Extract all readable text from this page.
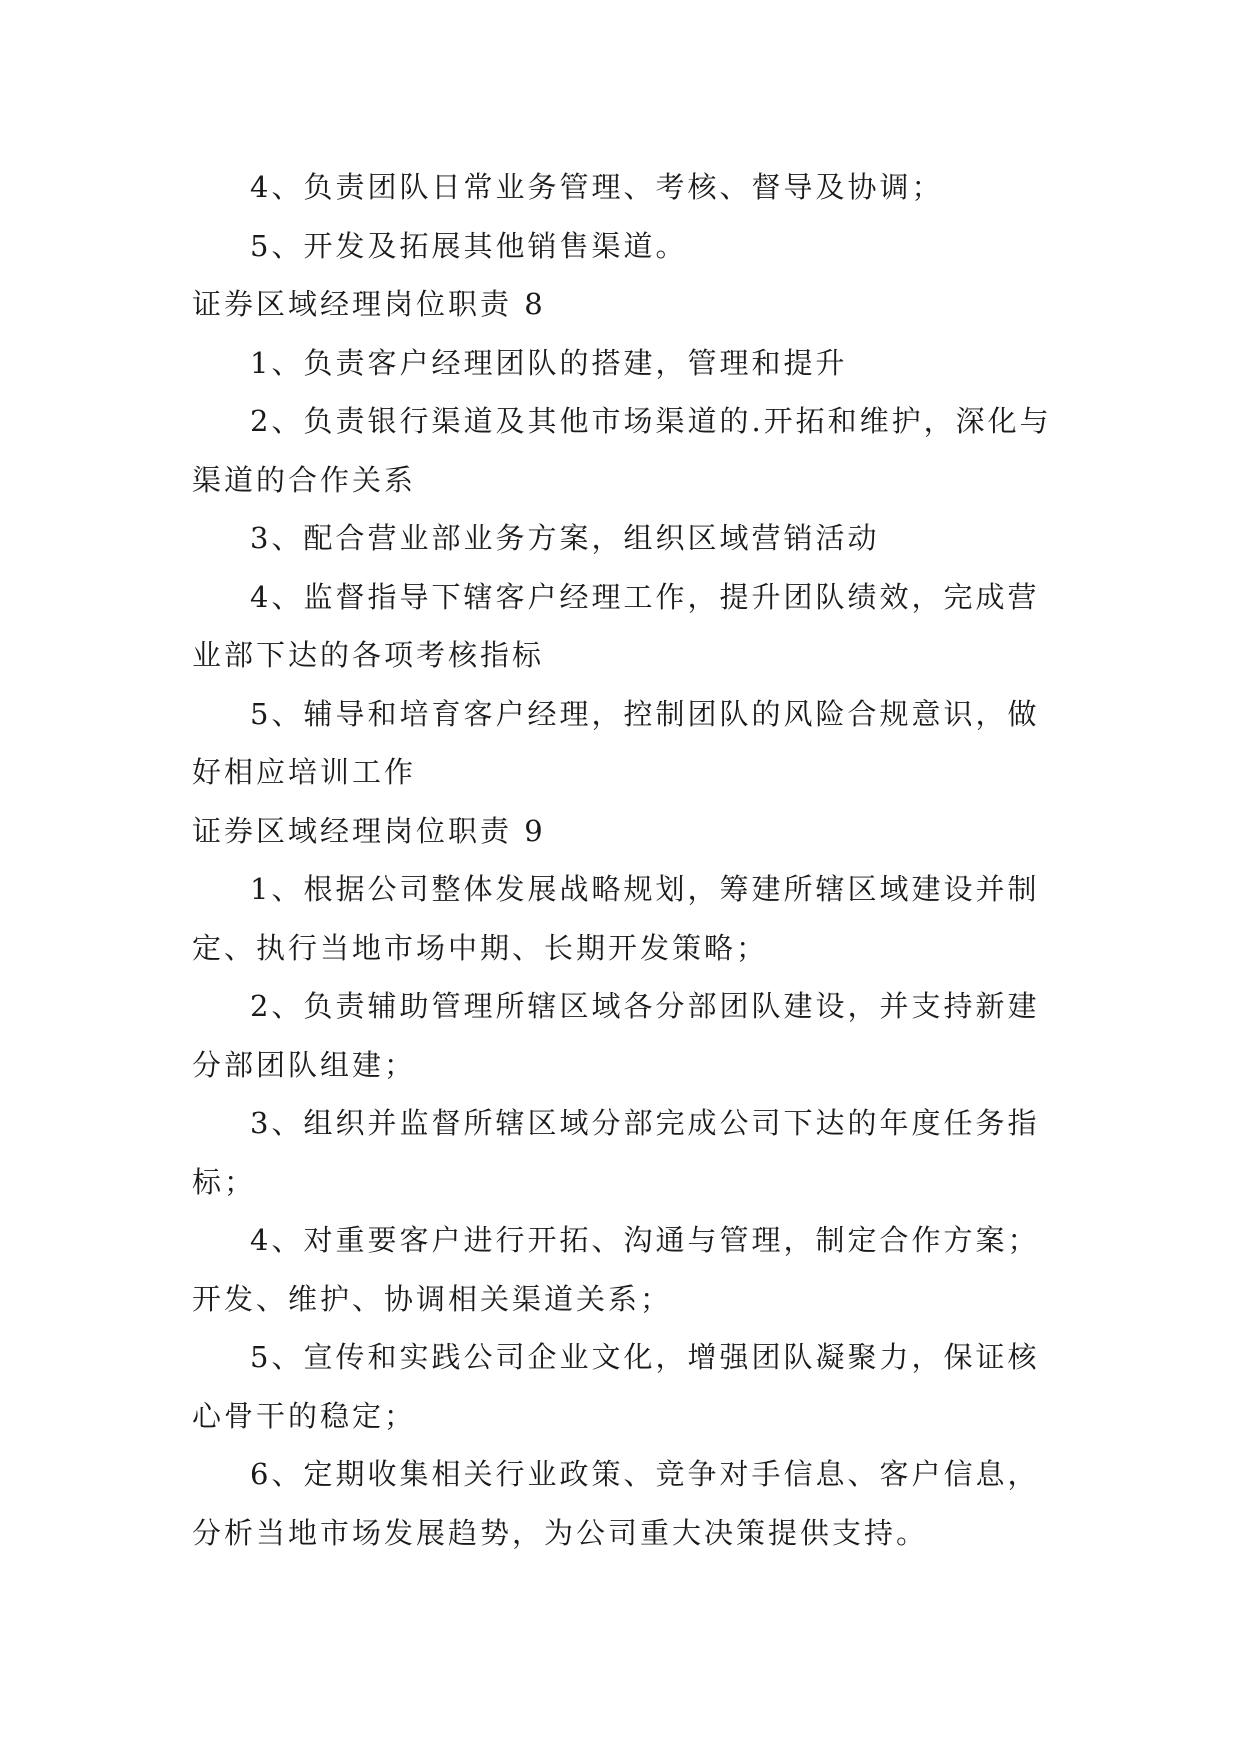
4、负责团队日常业务管理、考核、督导及协调；

5、开发及拓展其他销售渠道。

证券区域经理岗位职责 8

1、负责客户经理团队的搭建，管理和提升

2、负责银行渠道及其他市场渠道的.开拓和维护，深化与渠道的合作关系

3、配合营业部业务方案，组织区域营销活动

4、监督指导下辖客户经理工作，提升团队绩效，完成营业部下达的各项考核指标

5、辅导和培育客户经理，控制团队的风险合规意识，做好相应培训工作

证券区域经理岗位职责 9

1、根据公司整体发展战略规划，筹建所辖区域建设并制定、执行当地市场中期、长期开发策略；

2、负责辅助管理所辖区域各分部团队建设，并支持新建分部团队组建；

3、组织并监督所辖区域分部完成公司下达的年度任务指标；

4、对重要客户进行开拓、沟通与管理，制定合作方案；开发、维护、协调相关渠道关系；

5、宣传和实践公司企业文化，增强团队凝聚力，保证核心骨干的稳定；

6、定期收集相关行业政策、竞争对手信息、客户信息，分析当地市场发展趋势，为公司重大决策提供支持。
